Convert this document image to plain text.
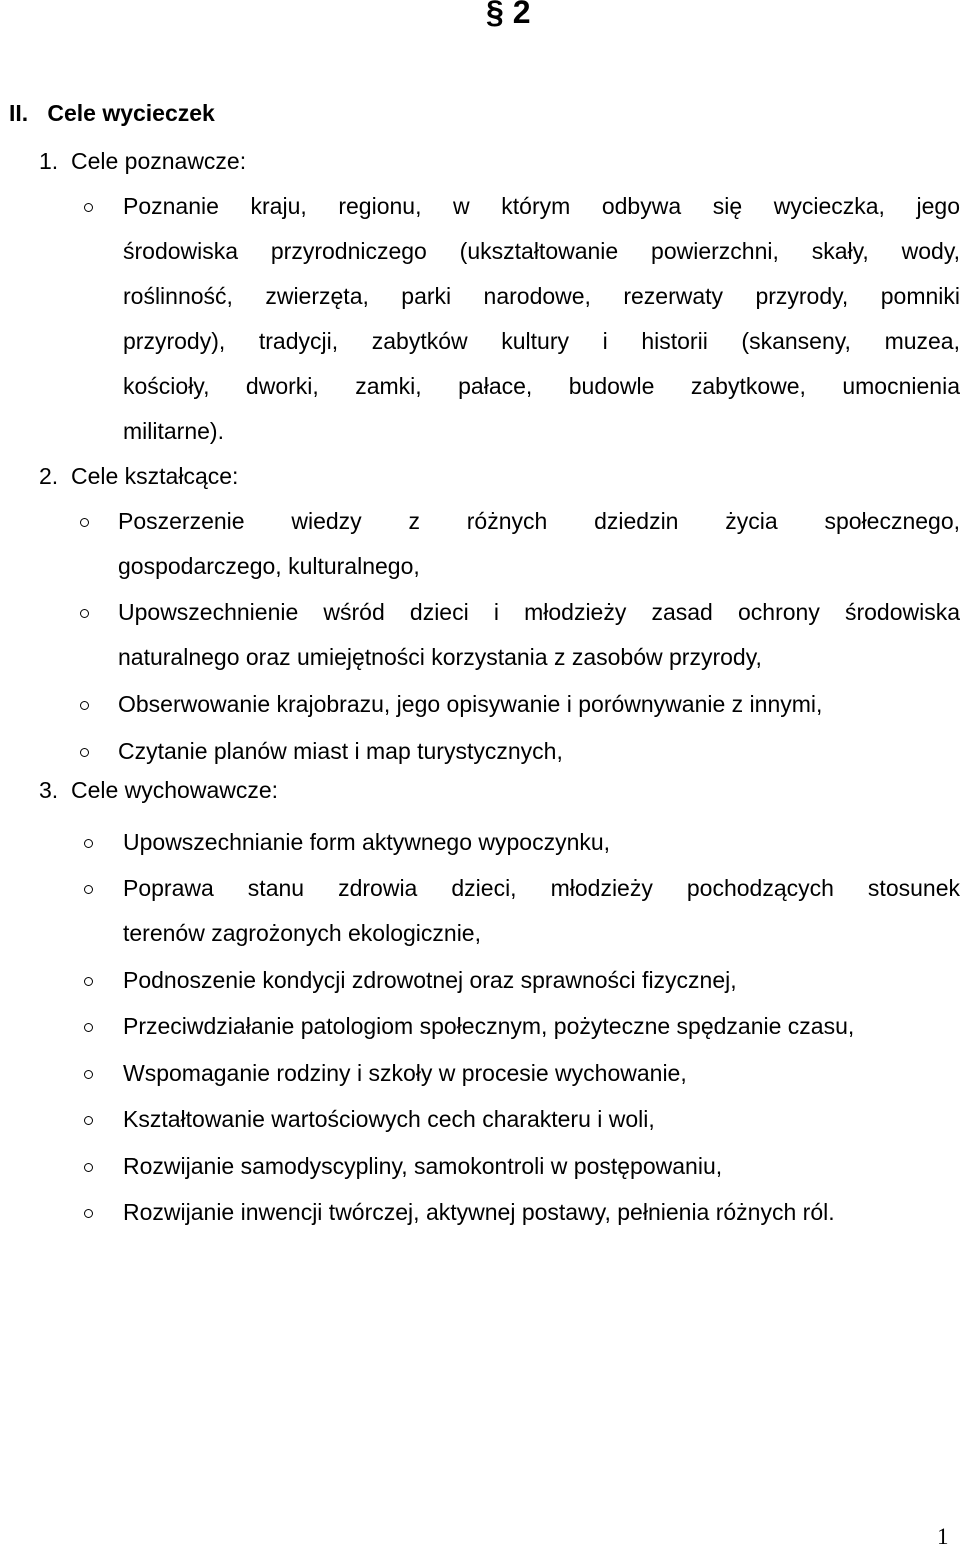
§ 2
II.   Cele wycieczek
1.  Cele poznawcze:
Poznanie kraju, regionu, w którym odbywa się wycieczka, jego
środowiska przyrodniczego (ukształtowanie powierzchni, skały, wody,
roślinność, zwierzęta, parki narodowe, rezerwaty przyrody, pomniki
przyrody), tradycji, zabytków kultury i historii (skanseny, muzea,
kościoły, dworki, zamki, pałace, budowle zabytkowe, umocnienia
militarne).
2.  Cele kształcące:
Poszerzenie wiedzy z różnych dziedzin życia społecznego,
gospodarczego, kulturalnego,
Upowszechnienie wśród dzieci i młodzieży zasad ochrony środowiska
naturalnego oraz umiejętności korzystania z zasobów przyrody,
Obserwowanie krajobrazu, jego opisywanie i porównywanie z innymi,
Czytanie planów miast i map turystycznych,
3.  Cele wychowawcze:
Upowszechnianie form aktywnego wypoczynku,
Poprawa stanu zdrowia dzieci, młodzieży pochodzących stosunek
terenów zagrożonych ekologicznie,
Podnoszenie kondycji zdrowotnej oraz sprawności fizycznej,
Przeciwdziałanie patologiom społecznym, pożyteczne spędzanie czasu,
Wspomaganie rodziny i szkoły w procesie wychowanie,
Kształtowanie wartościowych cech charakteru i woli,
Rozwijanie samodyscypliny, samokontroli w postępowaniu,
Rozwijanie inwencji twórczej, aktywnej postawy, pełnienia różnych ról.
1
